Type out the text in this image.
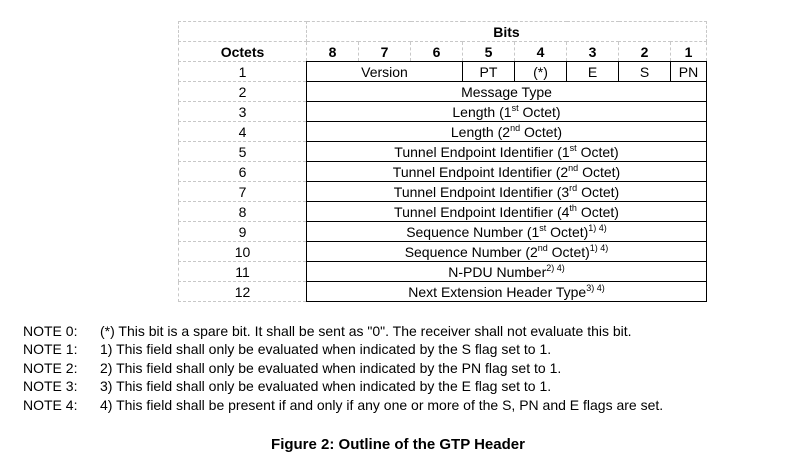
	Bits							
Octets	8	7	6	5	4	3	2	1
1	Version			PT	(*)	E	S	PN
2	Message Type							
3	Length (1st Octet)							
4	Length (2nd Octet)							
5	Tunnel Endpoint Identifier (1st Octet)							
6	Tunnel Endpoint Identifier (2nd Octet)							
7	Tunnel Endpoint Identifier (3rd Octet)							
8	Tunnel Endpoint Identifier (4th Octet)							
9	Sequence Number (1st Octet)$^{1) 4)}$
10	Sequence Number (2nd Octet)$^{1) 4)}$
11	N-PDU Number$^{2) 4)}$
12	Next Extension Header Type$^{3) 4)}$
NOTE 0: (*) This bit is a spare bit. It shall be sent as "0". The receiver shall not evaluate this bit.
NOTE 1: 1) This field shall only be evaluated when indicated by the S flag set to 1.
NOTE 2: 2) This field shall only be evaluated when indicated by the PN flag set to 1.
NOTE 3: 3) This field shall only be evaluated when indicated by the E flag set to 1.
NOTE 4: 4) This field shall be present if and only if any one or more of the S, PN and E flags are set.
Figure 2: Outline of the GTP Header
